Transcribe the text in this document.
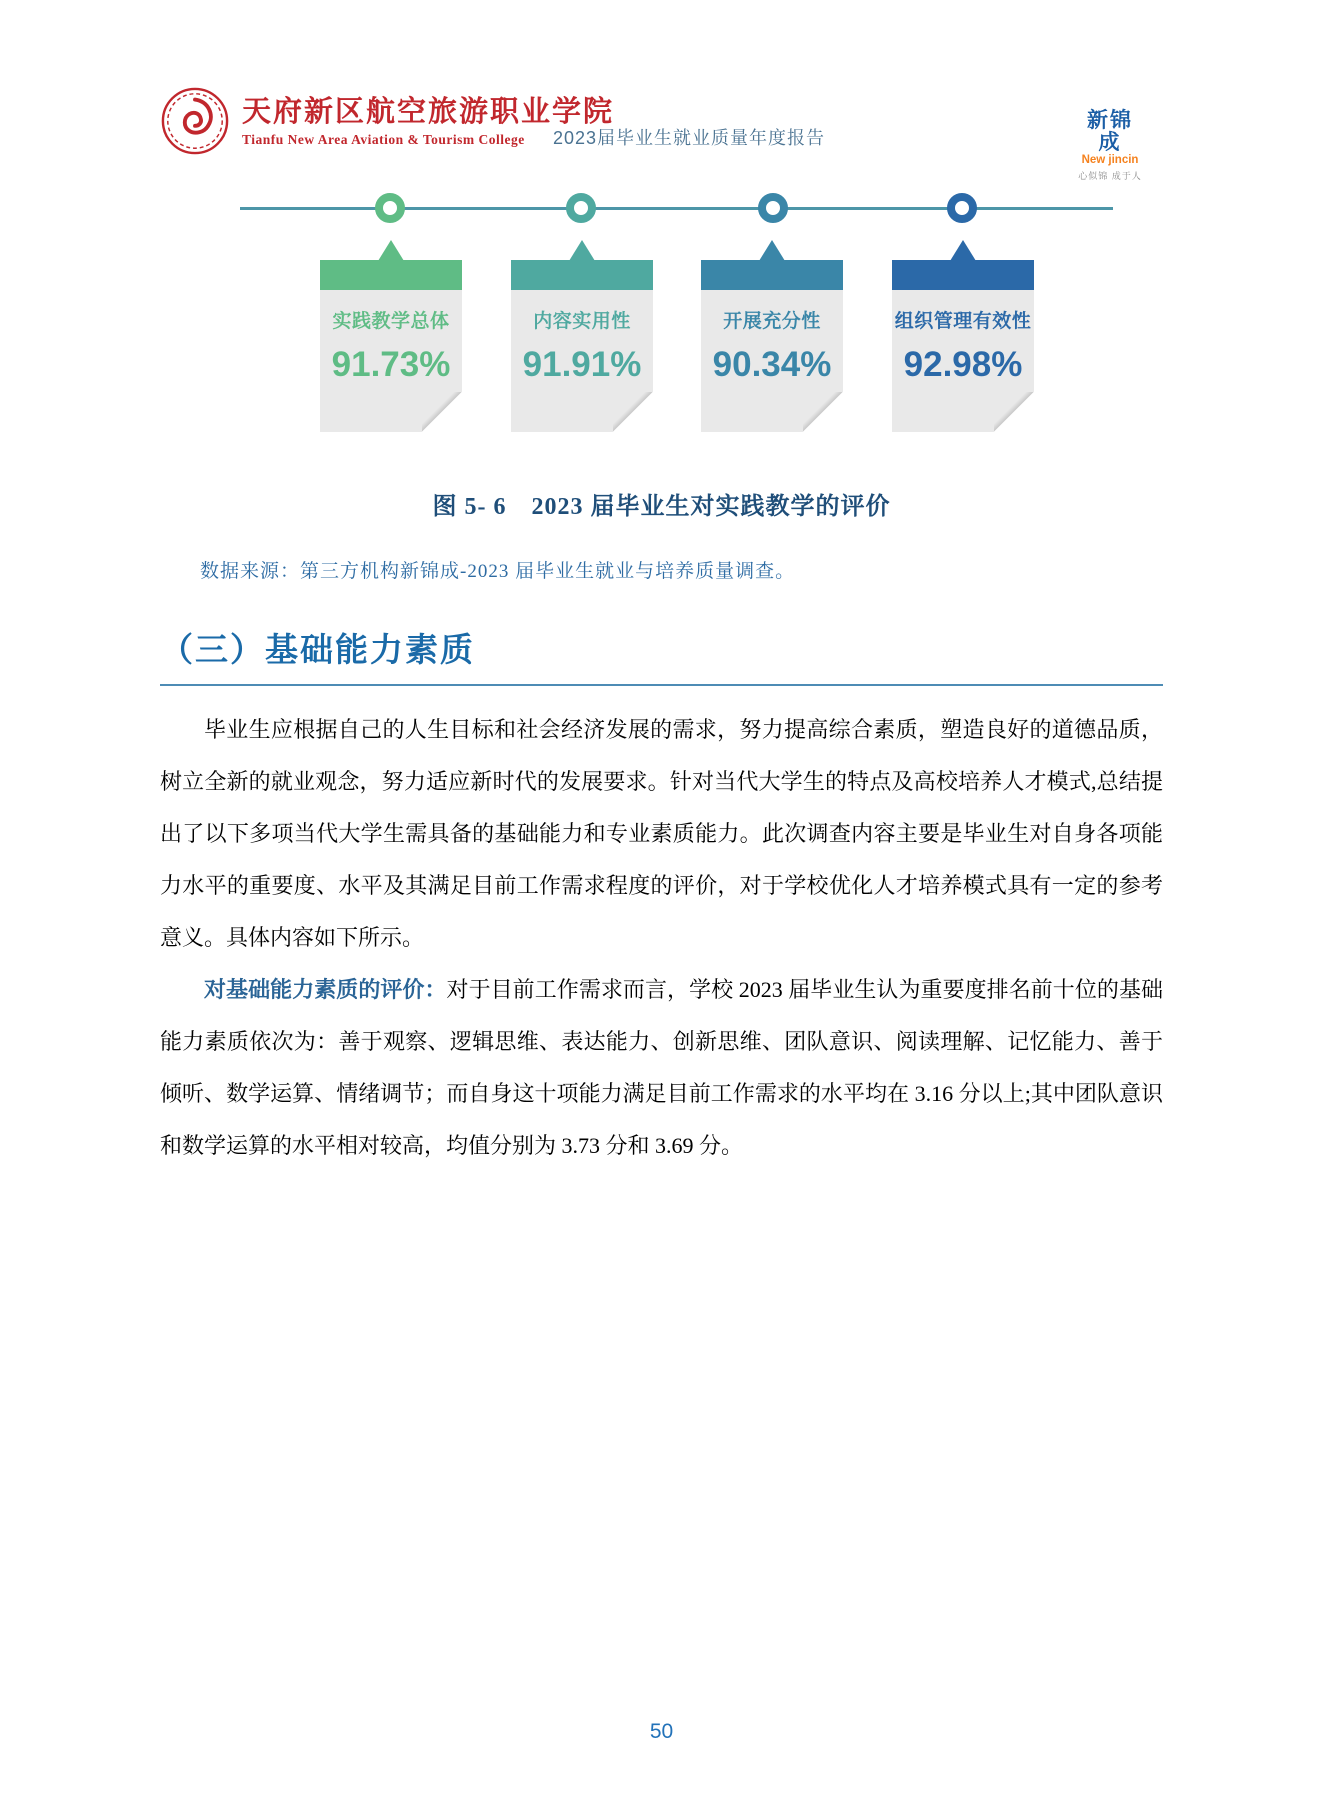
天府新区航空旅游职业学院
Tianfu New Area Aviation & Tourism College	2023届毕业生就业质量年度报告
新锦成
New jincin
心似锦 成于人
实践教学总体
91.73%
内容实用性
91.91%
开展充分性
90.34%
组织管理有效性
92.98%
图 5- 6　2023 届毕业生对实践教学的评价
数据来源：第三方机构新锦成-2023 届毕业生就业与培养质量调查。
（三）基础能力素质

毕业生应根据自己的人生目标和社会经济发展的需求，努力提高综合素质，塑造良好的道德品质，树立全新的就业观念，努力适应新时代的发展要求。针对当代大学生的特点及高校培养人才模式,总结提出了以下多项当代大学生需具备的基础能力和专业素质能力。此次调查内容主要是毕业生对自身各项能力水平的重要度、水平及其满足目前工作需求程度的评价，对于学校优化人才培养模式具有一定的参考意义。具体内容如下所示。

对基础能力素质的评价：对于目前工作需求而言，学校 2023 届毕业生认为重要度排名前十位的基础能力素质依次为：善于观察、逻辑思维、表达能力、创新思维、团队意识、阅读理解、记忆能力、善于倾听、数学运算、情绪调节；而自身这十项能力满足目前工作需求的水平均在 3.16 分以上;其中团队意识和数学运算的水平相对较高，均值分别为 3.73 分和 3.69 分。

50
